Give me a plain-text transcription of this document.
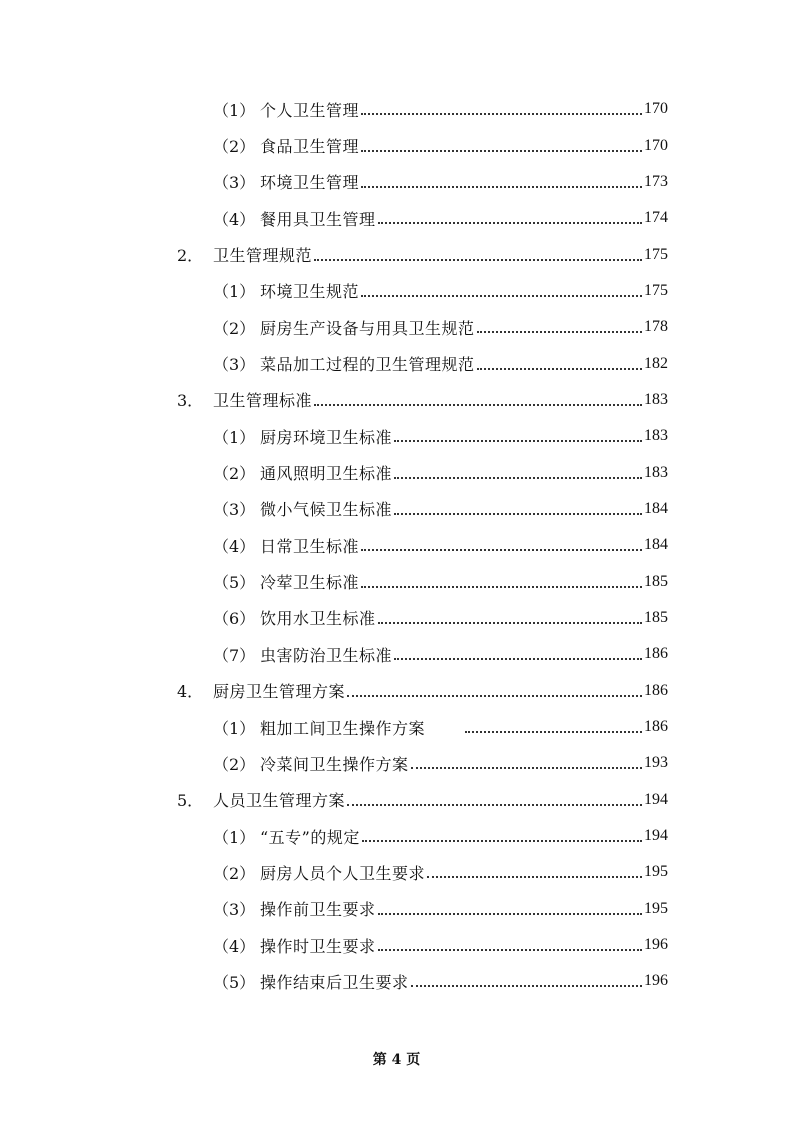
（1） 个人卫生管理	170
（2） 食品卫生管理	170
（3） 环境卫生管理	173
（4） 餐用具卫生管理	174
2． 卫生管理规范	175
（1） 环境卫生规范	175
（2） 厨房生产设备与用具卫生规范	178
（3） 菜品加工过程的卫生管理规范	182
3． 卫生管理标准	183
（1） 厨房环境卫生标准	183
（2） 通风照明卫生标准	183
（3） 微小气候卫生标准	184
（4） 日常卫生标准	184
（5） 冷荤卫生标准	185
（6） 饮用水卫生标准	185
（7） 虫害防治卫生标准	186
4． 厨房卫生管理方案	186
（1） 粗加工间卫生操作方案	186
（2） 冷菜间卫生操作方案	193
5． 人员卫生管理方案	194
（1） “五专”的规定	194
（2） 厨房人员个人卫生要求	195
（3） 操作前卫生要求	195
（4） 操作时卫生要求	196
（5） 操作结束后卫生要求	196
第 4 页
